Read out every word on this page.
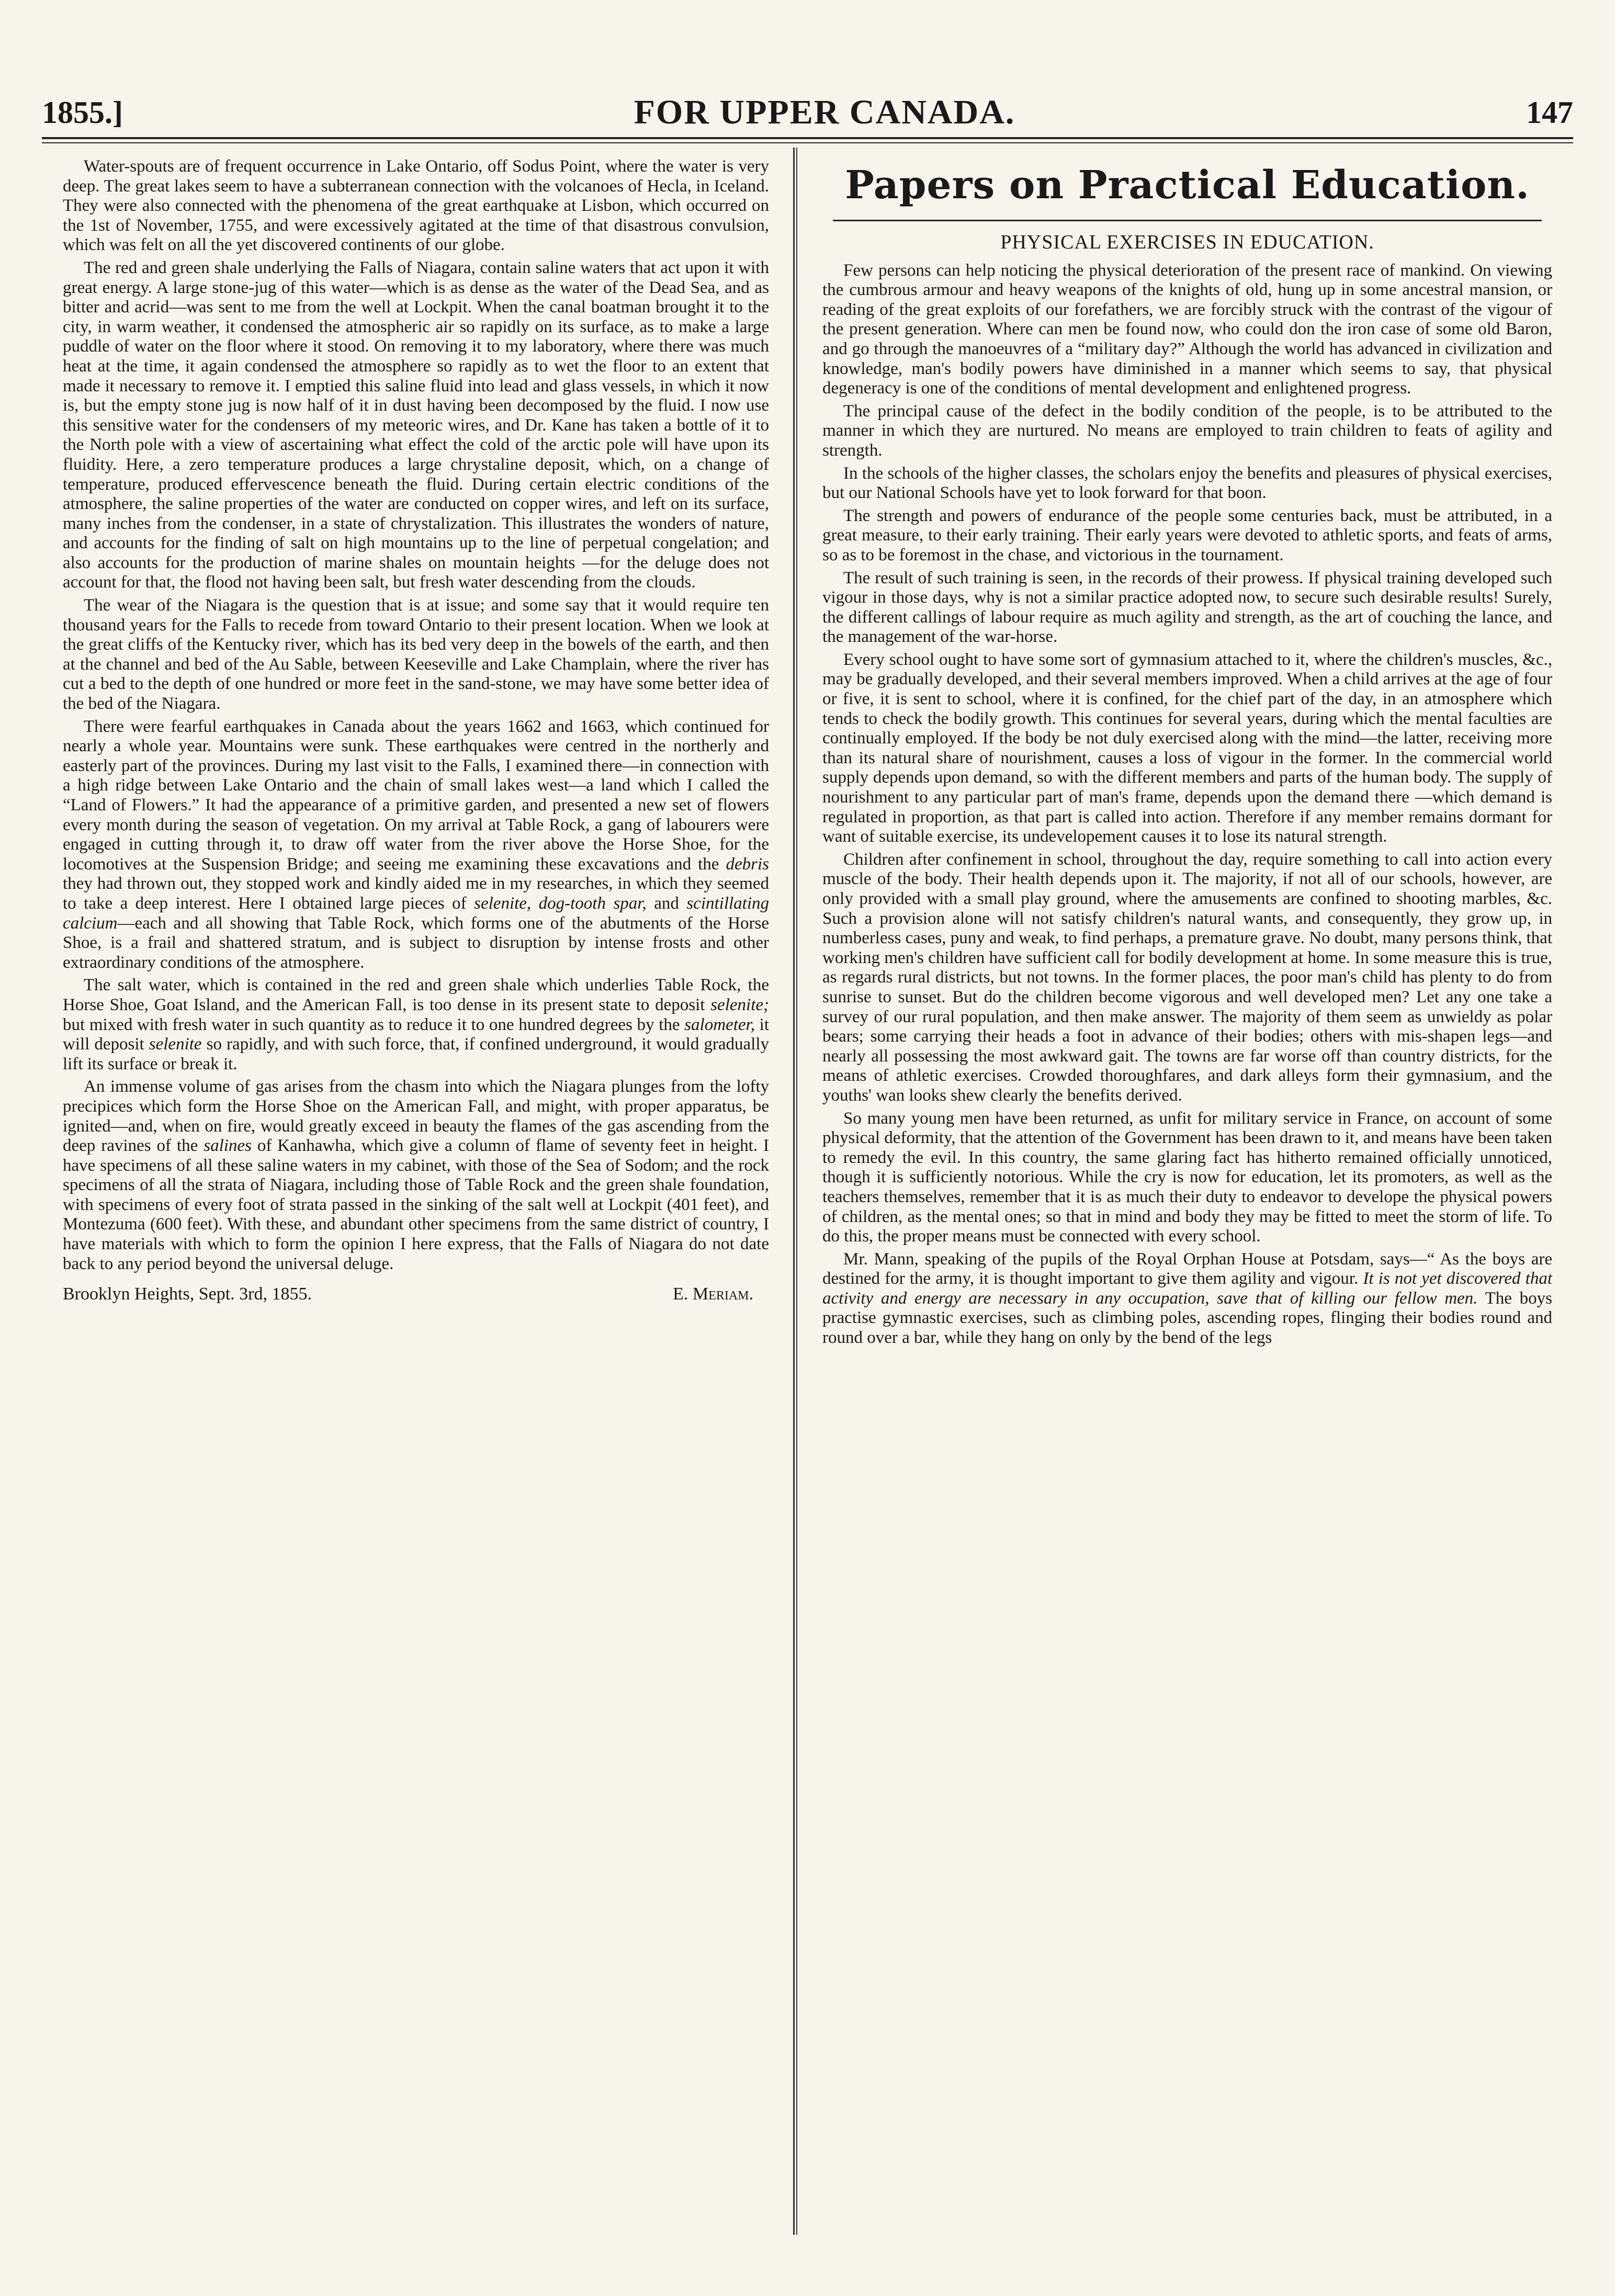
1855.]	FOR UPPER CANADA.	147

Water-spouts are of frequent occurrence in Lake Ontario, off Sodus Point, where the water is very deep. The great lakes seem to have a subterranean connection with the volcanoes of Hecla, in Iceland. They were also connected with the phenomena of the great earthquake at Lisbon, which occurred on the 1st of November, 1755, and were excessively agitated at the time of that disastrous convulsion, which was felt on all the yet discovered continents of our globe.

The red and green shale underlying the Falls of Niagara, contain saline waters that act upon it with great energy. A large stone-jug of this water—which is as dense as the water of the Dead Sea, and as bitter and acrid—was sent to me from the well at Lockpit. When the canal boatman brought it to the city, in warm weather, it condensed the atmospheric air so rapidly on its surface, as to make a large puddle of water on the floor where it stood. On removing it to my laboratory, where there was much heat at the time, it again condensed the atmosphere so rapidly as to wet the floor to an extent that made it necessary to remove it. I emptied this saline fluid into lead and glass vessels, in which it now is, but the empty stone jug is now half of it in dust having been decomposed by the fluid. I now use this sensitive water for the condensers of my meteoric wires, and Dr. Kane has taken a bottle of it to the North pole with a view of ascertaining what effect the cold of the arctic pole will have upon its fluidity. Here, a zero temperature produces a large chrystaline deposit, which, on a change of temperature, produced effervescence beneath the fluid. During certain electric conditions of the atmosphere, the saline properties of the water are conducted on copper wires, and left on its surface, many inches from the condenser, in a state of chrystalization. This illustrates the wonders of nature, and accounts for the finding of salt on high mountains up to the line of perpetual congelation; and also accounts for the production of marine shales on mountain heights —for the deluge does not account for that, the flood not having been salt, but fresh water descending from the clouds.

The wear of the Niagara is the question that is at issue; and some say that it would require ten thousand years for the Falls to recede from toward Ontario to their present location. When we look at the great cliffs of the Kentucky river, which has its bed very deep in the bowels of the earth, and then at the channel and bed of the Au Sable, between Keeseville and Lake Champlain, where the river has cut a bed to the depth of one hundred or more feet in the sand-stone, we may have some better idea of the bed of the Niagara.

There were fearful earthquakes in Canada about the years 1662 and 1663, which continued for nearly a whole year. Mountains were sunk. These earthquakes were centred in the northerly and easterly part of the provinces. During my last visit to the Falls, I examined there—in connection with a high ridge between Lake Ontario and the chain of small lakes west—a land which I called the “Land of Flowers.” It had the appearance of a primitive garden, and presented a new set of flowers every month during the season of vegetation. On my arrival at Table Rock, a gang of labourers were engaged in cutting through it, to draw off water from the river above the Horse Shoe, for the locomotives at the Suspension Bridge; and seeing me examining these excavations and the debris they had thrown out, they stopped work and kindly aided me in my researches, in which they seemed to take a deep interest. Here I obtained large pieces of selenite, dog-tooth spar, and scintillating calcium—each and all showing that Table Rock, which forms one of the abutments of the Horse Shoe, is a frail and shattered stratum, and is subject to disruption by intense frosts and other extraordinary conditions of the atmosphere.

The salt water, which is contained in the red and green shale which underlies Table Rock, the Horse Shoe, Goat Island, and the American Fall, is too dense in its present state to deposit selenite; but mixed with fresh water in such quantity as to reduce it to one hundred degrees by the salometer, it will deposit selenite so rapidly, and with such force, that, if confined underground, it would gradually lift its surface or break it.

An immense volume of gas arises from the chasm into which the Niagara plunges from the lofty precipices which form the Horse Shoe on the American Fall, and might, with proper apparatus, be ignited—and, when on fire, would greatly exceed in beauty the flames of the gas ascending from the deep ravines of the salines of Kanhawha, which give a column of flame of seventy feet in height. I have specimens of all these saline waters in my cabinet, with those of the Sea of Sodom; and the rock specimens of all the strata of Niagara, including those of Table Rock and the green shale foundation, with specimens of every foot of strata passed in the sinking of the salt well at Lockpit (401 feet), and Montezuma (600 feet). With these, and abundant other specimens from the same district of country, I have materials with which to form the opinion I here express, that the Falls of Niagara do not date back to any period beyond the universal deluge.

Brooklyn Heights, Sept. 3rd, 1855.	E. Meriam.

Papers on Practical Education.
PHYSICAL EXERCISES IN EDUCATION.

Few persons can help noticing the physical deterioration of the present race of mankind. On viewing the cumbrous armour and heavy weapons of the knights of old, hung up in some ancestral mansion, or reading of the great exploits of our forefathers, we are forcibly struck with the contrast of the vigour of the present generation. Where can men be found now, who could don the iron case of some old Baron, and go through the manoeuvres of a “military day?” Although the world has advanced in civilization and knowledge, man's bodily powers have diminished in a manner which seems to say, that physical degeneracy is one of the conditions of mental development and enlightened progress.

The principal cause of the defect in the bodily condition of the people, is to be attributed to the manner in which they are nurtured. No means are employed to train children to feats of agility and strength.

In the schools of the higher classes, the scholars enjoy the benefits and pleasures of physical exercises, but our National Schools have yet to look forward for that boon.

The strength and powers of endurance of the people some centuries back, must be attributed, in a great measure, to their early training. Their early years were devoted to athletic sports, and feats of arms, so as to be foremost in the chase, and victorious in the tournament.

The result of such training is seen, in the records of their prowess. If physical training developed such vigour in those days, why is not a similar practice adopted now, to secure such desirable results! Surely, the different callings of labour require as much agility and strength, as the art of couching the lance, and the management of the war-horse.

Every school ought to have some sort of gymnasium attached to it, where the children's muscles, &c., may be gradually developed, and their several members improved. When a child arrives at the age of four or five, it is sent to school, where it is confined, for the chief part of the day, in an atmosphere which tends to check the bodily growth. This continues for several years, during which the mental faculties are continually employed. If the body be not duly exercised along with the mind—the latter, receiving more than its natural share of nourishment, causes a loss of vigour in the former. In the commercial world supply depends upon demand, so with the different members and parts of the human body. The supply of nourishment to any particular part of man's frame, depends upon the demand there —which demand is regulated in proportion, as that part is called into action. Therefore if any member remains dormant for want of suitable exercise, its undevelopement causes it to lose its natural strength.

Children after confinement in school, throughout the day, require something to call into action every muscle of the body. Their health depends upon it. The majority, if not all of our schools, however, are only provided with a small play ground, where the amusements are confined to shooting marbles, &c. Such a provision alone will not satisfy children's natural wants, and consequently, they grow up, in numberless cases, puny and weak, to find perhaps, a premature grave. No doubt, many persons think, that working men's children have sufficient call for bodily development at home. In some measure this is true, as regards rural districts, but not towns. In the former places, the poor man's child has plenty to do from sunrise to sunset. But do the children become vigorous and well developed men? Let any one take a survey of our rural population, and then make answer. The majority of them seem as unwieldy as polar bears; some carrying their heads a foot in advance of their bodies; others with mis-shapen legs—and nearly all possessing the most awkward gait. The towns are far worse off than country districts, for the means of athletic exercises. Crowded thoroughfares, and dark alleys form their gymnasium, and the youths' wan looks shew clearly the benefits derived.

So many young men have been returned, as unfit for military service in France, on account of some physical deformity, that the attention of the Government has been drawn to it, and means have been taken to remedy the evil. In this country, the same glaring fact has hitherto remained officially unnoticed, though it is sufficiently notorious. While the cry is now for education, let its promoters, as well as the teachers themselves, remember that it is as much their duty to endeavor to develope the physical powers of children, as the mental ones; so that in mind and body they may be fitted to meet the storm of life. To do this, the proper means must be connected with every school.

Mr. Mann, speaking of the pupils of the Royal Orphan House at Potsdam, says—“ As the boys are destined for the army, it is thought important to give them agility and vigour. It is not yet discovered that activity and energy are necessary in any occupation, save that of killing our fellow men. The boys practise gymnastic exercises, such as climbing poles, ascending ropes, flinging their bodies round and round over a bar, while they hang on only by the bend of the legs
